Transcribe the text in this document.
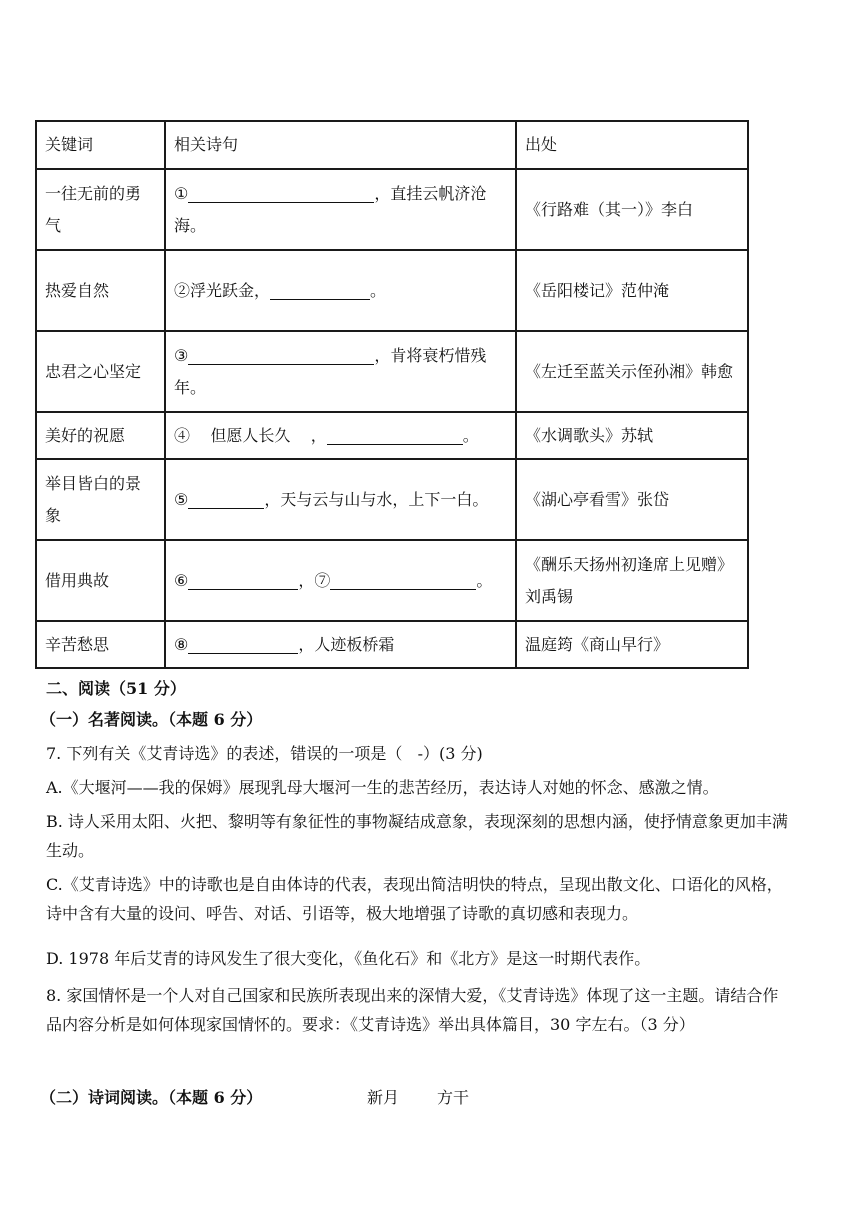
关键词	相关诗句	出处
一往无前的勇气	① ，直挂云帆济沧海。	《行路难（其一）》李白
热爱自然	②浮光跃金， 。	《岳阳楼记》范仲淹
忠君之心坚定	③ ，肯将衰朽惜残年。	《左迁至蓝关示侄孙湘》韩愈
美好的祝愿	④    但愿人长久    ， 。	《水调歌头》苏轼
举目皆白的景象	⑤ ，天与云与山与水，上下一白。	《湖心亭看雪》张岱
借用典故	⑥ ，⑦ 。	《酬乐天扬州初逢席上见赠》刘禹锡
辛苦愁思	⑧ ，人迹板桥霜	温庭筠《商山早行》
二、阅读（51 分）
（一）名著阅读。（本题 6 分）
7. 下列有关《艾青诗选》的表述，错误的一项是（   -）(3 分)
A.《大堰河——我的保姆》展现乳母大堰河一生的悲苦经历，表达诗人对她的怀念、感激之情。
B. 诗人采用太阳、火把、黎明等有象征性的事物凝结成意象，表现深刻的思想内涵，使抒情意象更加丰满生动。
C.《艾青诗选》中的诗歌也是自由体诗的代表，表现出简洁明快的特点，呈现出散文化、口语化的风格，诗中含有大量的设问、呼告、对话、引语等，极大地增强了诗歌的真切感和表现力。
D. 1978 年后艾青的诗风发生了很大变化，《鱼化石》和《北方》是这一时期代表作。
8. 家国情怀是一个人对自己国家和民族所表现出来的深情大爱，《艾青诗选》体现了这一主题。请结合作品内容分析是如何体现家国情怀的。要求：《艾青诗选》举出具体篇目，30 字左右。（3 分）
（二）诗词阅读。（本题 6 分）	新月	方干
